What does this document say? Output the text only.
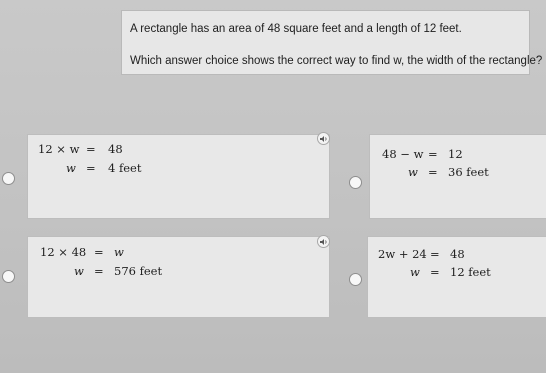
A rectangle has an area of 48 square feet and a length of 12 feet.
Which answer choice shows the correct way to find w, the width of the rectangle?
12 × w = 48
w = 4 feet
48 − w = 12
w = 36 feet
12 × 48 = w
w = 576 feet
2w + 24 = 48
w = 12 feet
